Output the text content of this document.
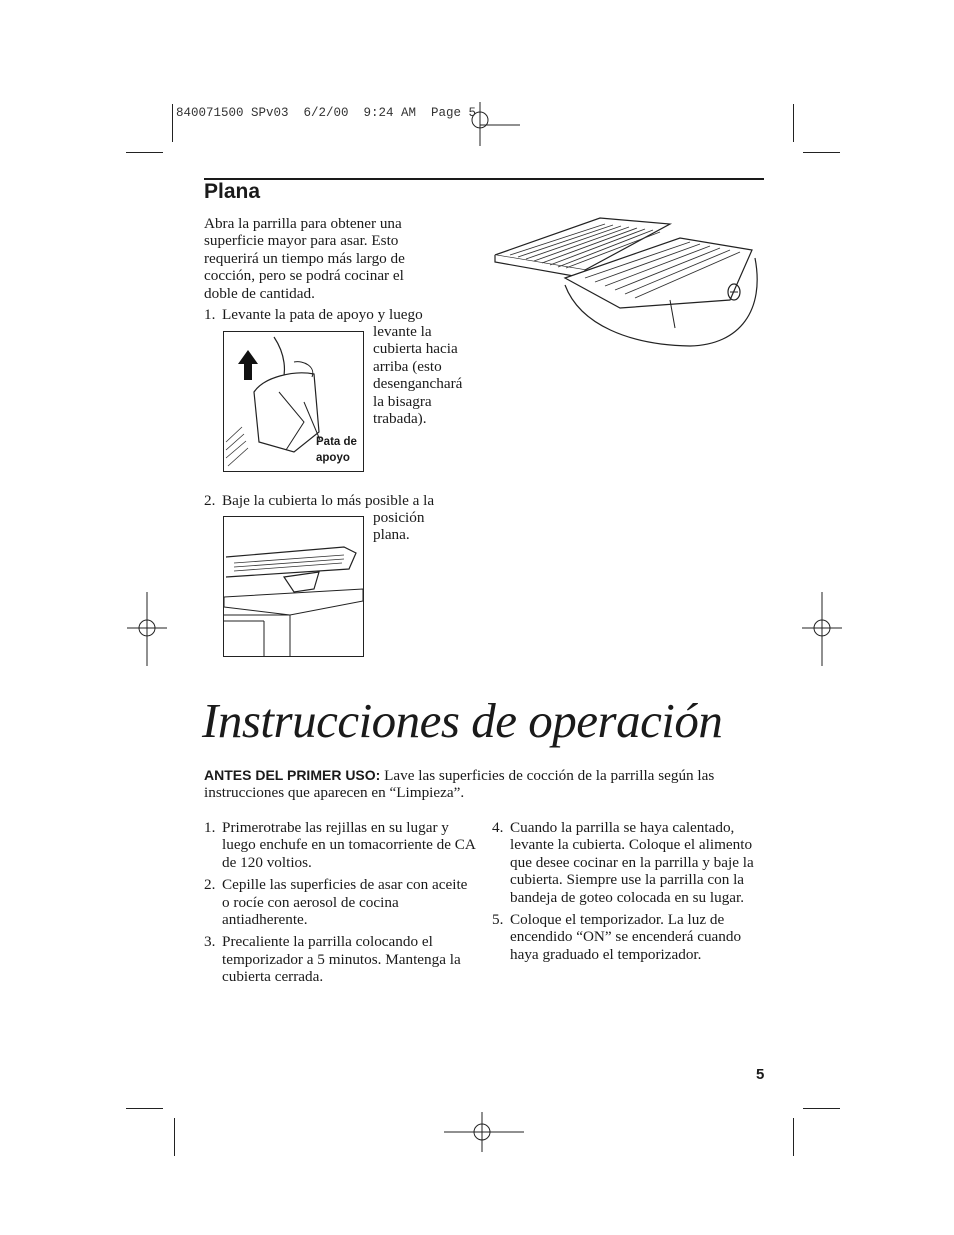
840071500 SPv03  6/2/00  9:24 AM  Page 5
Plana
Abra la parrilla para obtener una superficie mayor para asar. Esto requerirá un tiempo más largo de cocción, pero se podrá cocinar el doble de cantidad.
1. Levante la pata de apoyo y luego
levante la cubierta hacia arriba (esto desenganchará la bisagra trabada).
Pata de
apoyo
2. Baje la cubierta lo más posible a la
posición plana.
Instrucciones de operación
ANTES DEL PRIMER USO: Lave las superficies de cocción de la parrilla según las instrucciones que aparecen en “Limpieza”.
1. Primerotrabe las rejillas en su lugar y luego enchufe en un tomacorriente de CA de 120 voltios.
2. Cepille las superficies de asar con aceite o rocíe con aerosol de cocina antiadherente.
3. Precaliente la parrilla colocando el temporizador a 5 minutos. Mantenga la cubierta cerrada.
4. Cuando la parrilla se haya calentado, levante la cubierta. Coloque el alimento que desee cocinar en la parrilla y baje la cubierta. Siempre use la parrilla con la bandeja de goteo colocada en su lugar.
5. Coloque el temporizador. La luz de encendido “ON” se encenderá cuando haya graduado el temporizador.
5
